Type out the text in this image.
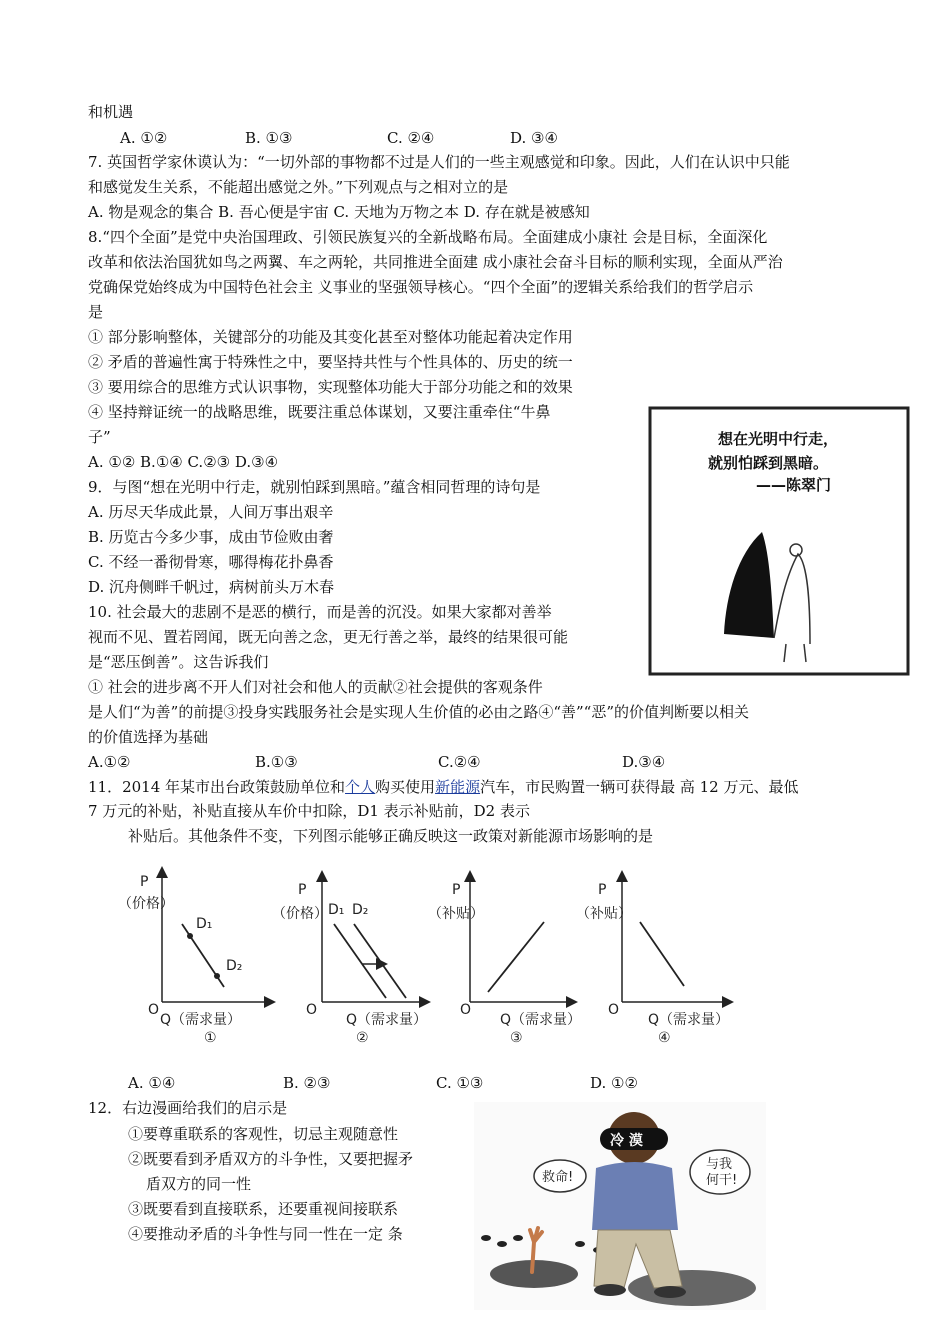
和机遇
A. ①②	B. ①③	C. ②④	D. ③④
7. 英国哲学家休谟认为：“一切外部的事物都不过是人们的一些主观感觉和印象。因此，人们在认识中只能
和感觉发生关系，不能超出感觉之外。”下列观点与之相对立的是
A. 物是观念的集合 B. 吾心便是宇宙 C. 天地为万物之本 D. 存在就是被感知
8.“四个全面”是党中央治国理政、引领民族复兴的全新战略布局。全面建成小康社 会是目标，全面深化
改革和依法治国犹如鸟之两翼、车之两轮，共同推进全面建 成小康社会奋斗目标的顺利实现，全面从严治
党确保党始终成为中国特色社会主 义事业的坚强领导核心。“四个全面”的逻辑关系给我们的哲学启示
是
① 部分影响整体，关键部分的功能及其变化甚至对整体功能起着决定作用
② 矛盾的普遍性寓于特殊性之中，要坚持共性与个性具体的、历史的统一
③ 要用综合的思维方式认识事物，实现整体功能大于部分功能之和的效果
④ 坚持辩证统一的战略思维，既要注重总体谋划，又要注重牵住“牛鼻
子”
A. ①② B.①④ C.②③ D.③④
9．与图“想在光明中行走，就别怕踩到黑暗。”蕴含相同哲理的诗句是
A. 历尽天华成此景，人间万事出艰辛
B. 历览古今多少事，成由节俭败由奢
C. 不经一番彻骨寒，哪得梅花扑鼻香
D. 沉舟侧畔千帆过，病树前头万木春
10. 社会最大的悲剧不是恶的横行，而是善的沉没。如果大家都对善举
视而不见、置若罔闻，既无向善之念，更无行善之举，最终的结果很可能
是“恶压倒善”。这告诉我们
① 社会的进步离不开人们对社会和他人的贡献②社会提供的客观条件
是人们“为善”的前提③投身实践服务社会是实现人生价值的必由之路④“善”“恶”的价值判断要以相关
的价值选择为基础
A.①②	B.①③	C.②④	D.③④
11．2014 年某市出台政策鼓励单位和个人购买使用新能源汽车，市民购置一辆可获得最 高 12 万元、最低
7 万元的补贴，补贴直接从车价中扣除，D1 表示补贴前，D2 表示
补贴后。其他条件不变，下列图示能够正确反映这一政策对新能源市场影响的是
想在光明中行走，
就别怕踩到黑暗。
——陈翠门
P
（价格）
O
Q（需求量）
①
D₁
D₂
P
（价格）
O
Q（需求量）
②
D₁ D₂
P
（补贴）
O
Q（需求量）
③
P
（补贴）
O
Q（需求量）
④
A. ①④	B. ②③	C. ①③	D. ①②
12．右边漫画给我们的启示是
①要尊重联系的客观性，切忌主观随意性
②既要看到矛盾双方的斗争性，又要把握矛
盾双方的同一性
③既要看到直接联系，还要重视间接联系
④要推动矛盾的斗争性与同一性在一定 条
救命!
与我
何干!
冷 漠
